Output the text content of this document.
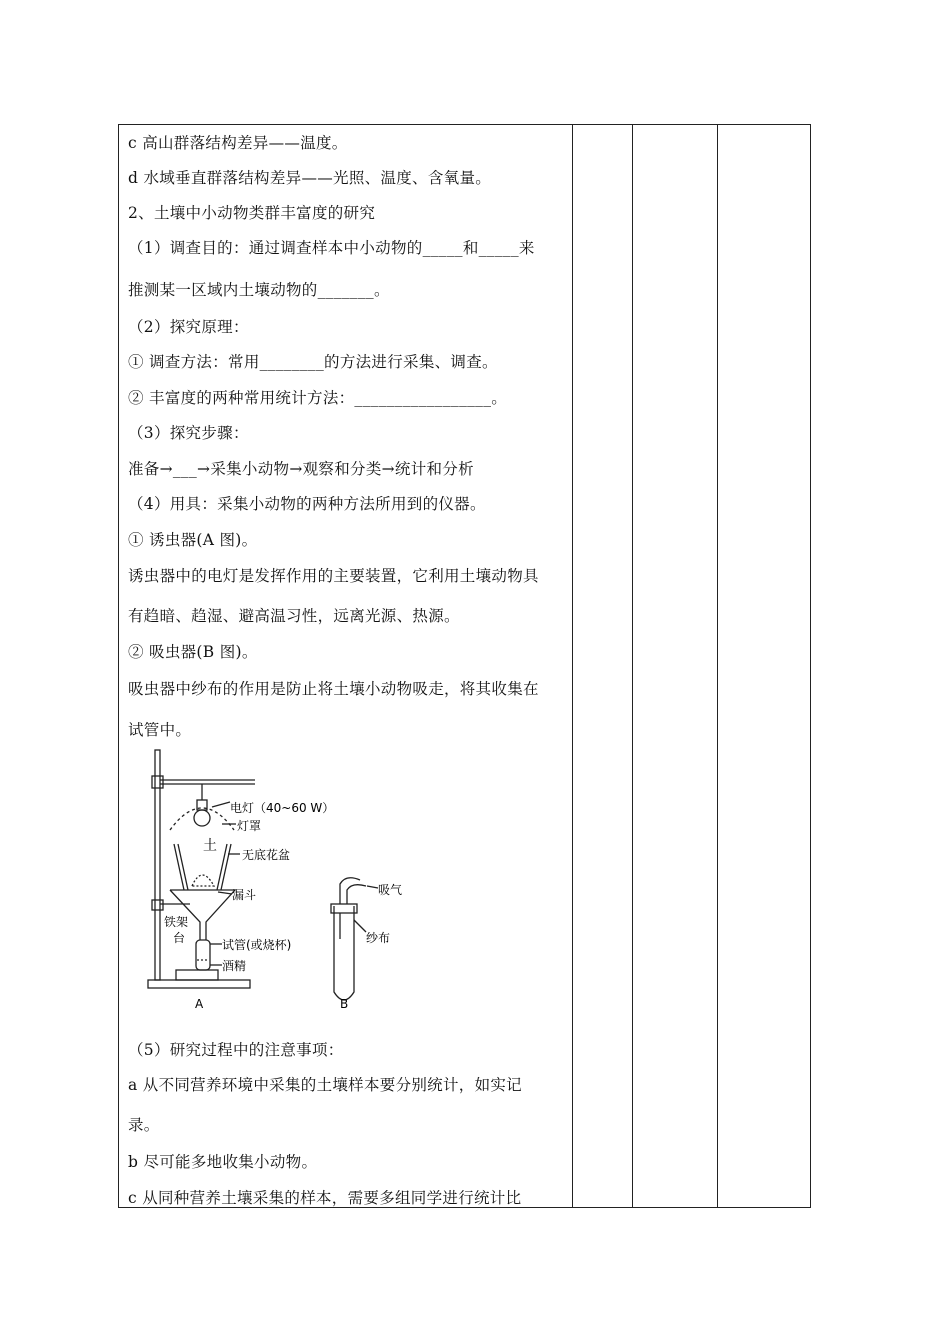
c 高山群落结构差异——温度。
d 水域垂直群落结构差异——光照、温度、含氧量。
2、土壤中小动物类群丰富度的研究
（1）调查目的：通过调查样本中小动物的_____和_____来
推测某一区域内土壤动物的_______。
（2）探究原理：
① 调查方法：常用________的方法进行采集、调查。
② 丰富度的两种常用统计方法：_________________。
（3）探究步骤：
准备→___→采集小动物→观察和分类→统计和分析
（4）用具：采集小动物的两种方法所用到的仪器。
① 诱虫器(A 图)。
诱虫器中的电灯是发挥作用的主要装置，它利用土壤动物具
有趋暗、趋湿、避高温习性，远离光源、热源。
② 吸虫器(B 图)。
吸虫器中纱布的作用是防止将土壤小动物吸走，将其收集在
试管中。
（5）研究过程中的注意事项：
a 从不同营养环境中采集的土壤样本要分别统计，如实记
录。
b 尽可能多地收集小动物。
c 从同种营养土壤采集的样本，需要多组同学进行统计比
电灯（40~60 W）
灯罩
土
无底花盆
漏斗
铁架
台	试管(或烧杯)
酒精
吸气
纱布
A	B
